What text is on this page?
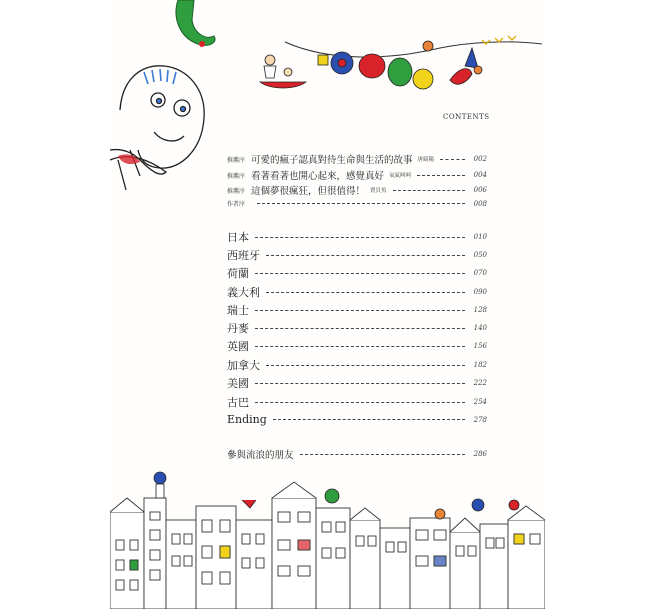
CONTENTS
推薦序 可愛的瘋子認真對待生命與生活的故事 唐綺陽	002
推薦序 看著看著也開心起來，感覺真好 氧氣呵呵	004
推薦序 這個夢很瘋狂，但很值得！ 賣貝魚	006
作者序	008
日本	010
西班牙	050
荷蘭	070
義大利	090
瑞士	128
丹麥	140
英國	156
加拿大	182
美國	222
古巴	254
Ending	278
參與流浪的朋友	286
